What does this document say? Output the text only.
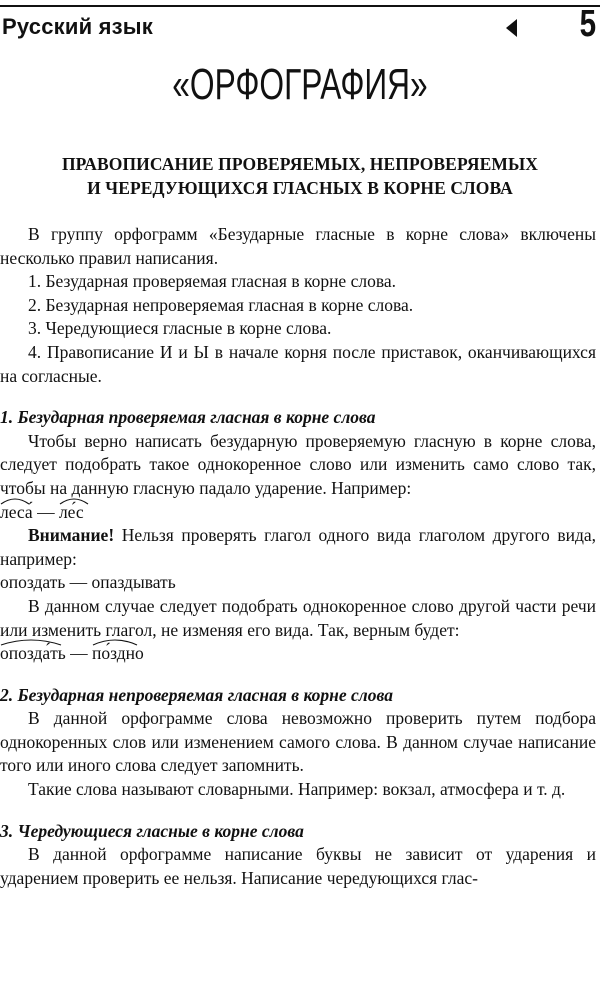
Русский язык	5
«ОРФОГРАФИЯ»
ПРАВОПИСАНИЕ ПРОВЕРЯЕМЫХ, НЕПРОВЕРЯЕМЫХ
И ЧЕРЕДУЮЩИХСЯ ГЛАСНЫХ В КОРНЕ СЛОВА

В группу орфограмм «Безударные гласные в корне слова» включены несколько правил написания.

1. Безударная проверяемая гласная в корне слова.

2. Безударная непроверяемая гласная в корне слова.

3. Чередующиеся гласные в корне слова.

4. Правописание И и Ы в начале корня после приставок, оканчивающихся на согласные.

1. Безударная проверяемая гласная в корне слова

Чтобы верно написать безударную проверяемую гласную в корне слова, следует подобрать такое однокоренное слово или изменить само слово так, чтобы на данную гласную падало ударение. Например:

леса́ —
ле́с

Внимание! Нельзя проверять глагол одного вида глаголом другого вида, например:

опоздать — опаздывать

В данном случае следует подобрать однокоренное слово другой части речи или изменить глагол, не изменяя его вида. Так, верным будет:

опозда́ть —
по́здно

2. Безударная непроверяемая гласная в корне слова

В данной орфограмме слова невозможно проверить путем подбора однокоренных слов или изменением самого слова. В данном случае написание того или иного слова следует запомнить.

Такие слова называют словарными. Например: вокзал, атмосфера и т. д.

3. Чередующиеся гласные в корне слова

В данной орфограмме написание буквы не зависит от ударения и ударением проверить ее нельзя. Написание чередующихся глас-
